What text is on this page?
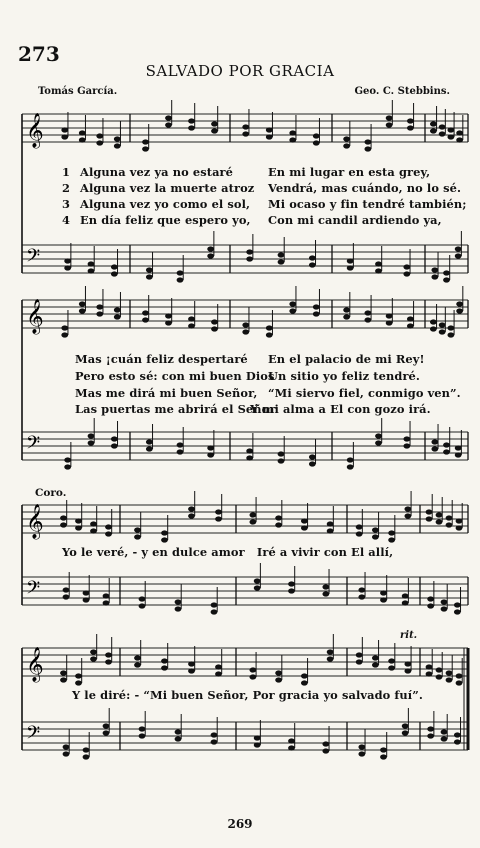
273
SALVADO POR GRACIA
Tomás García.	Geo. C. Stebbins.
𝄞
𝄢
𝄞
𝄢
𝄞
𝄢
𝄞
𝄢
1 Alguna vez ya no estaré	En mi lugar en esta grey,
2 Alguna vez la muerte atroz Vendrá, mas cuándo, no lo sé.
3 Alguna vez yo como el sol, Mi ocaso y fin tendré también;
4 En día feliz que espero yo, Con mi candil ardiendo ya,
Mas ¡cuán feliz despertaré En el palacio de mi Rey!
Pero esto sé: con mi buen Dios
Un sitio yo feliz tendré.
Mas me dirá mi buen Señor, “Mi siervo fiel, conmigo ven”.
Las puertas me abrirá el Señor
Y mi alma a El con gozo irá.
Coro.
Yo le veré, - y en dulce amor   Iré a vivir con El allí,
Y le diré: - “Mi buen Señor, Por gracia yo salvado fuí”.
rit.
269
